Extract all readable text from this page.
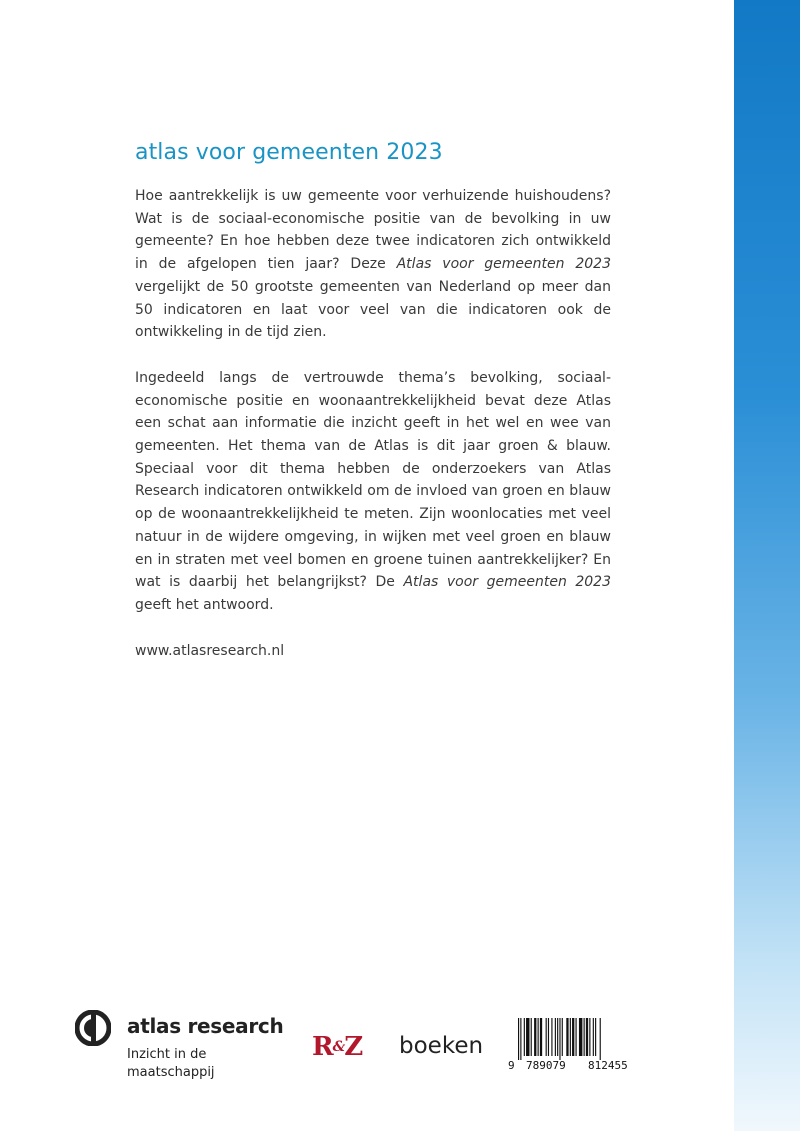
atlas voor gemeenten 2023

Hoe aantrekkelijk is uw gemeente voor verhuizende huishoudens? Wat is de sociaal-economische positie van de bevolking in uw gemeente? En hoe hebben deze twee indicatoren zich ontwikkeld in de afgelopen tien jaar? Deze Atlas voor gemeenten 2023 vergelijkt de 50 grootste gemeenten van Nederland op meer dan 50 indicatoren en laat voor veel van die indicatoren ook de ontwikkeling in de tijd zien.

Ingedeeld langs de vertrouwde thema’s bevolking, sociaal-economische positie en woonaantrekkelijkheid bevat deze Atlas een schat aan informatie die inzicht geeft in het wel en wee van gemeenten. Het thema van de Atlas is dit jaar groen & blauw. Speciaal voor dit thema hebben de onderzoekers van Atlas Research indicatoren ontwikkeld om de invloed van groen en blauw op de woonaantrekkelijkheid te meten. Zijn woonlocaties met veel natuur in de wijdere omgeving, in wijken met veel groen en blauw en in straten met veel bomen en groene tuinen aantrekkelijker? En wat is daarbij het belangrijkst? De Atlas voor gemeenten 2023 geeft het antwoord.

www.atlasresearch.nl

atlas research
Inzicht in de
maatschappij
R&Z boeken
9 789079 812455
